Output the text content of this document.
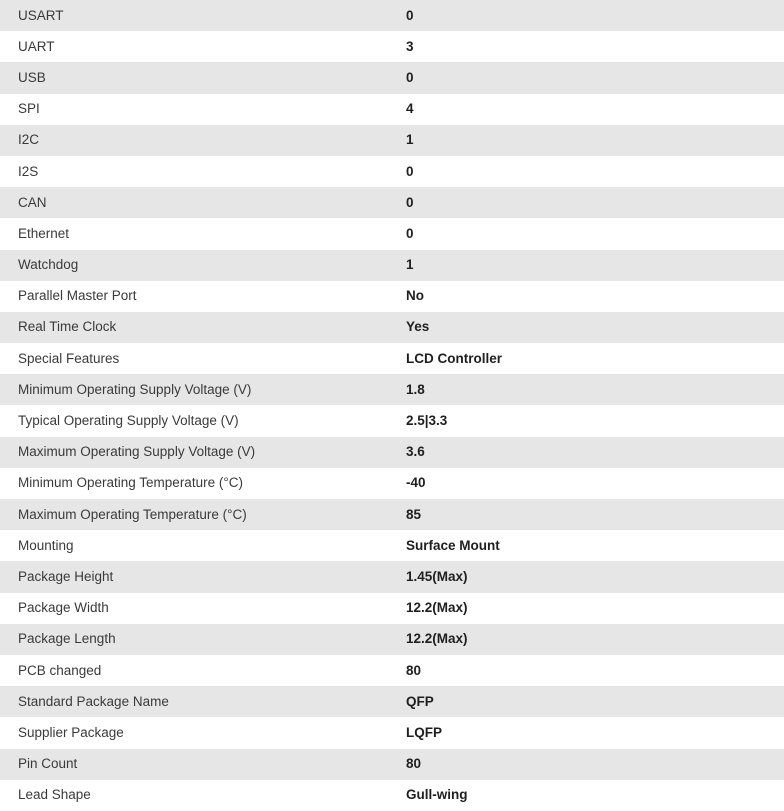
USART	0
UART	3
USB	0
SPI	4
I2C	1
I2S	0
CAN	0
Ethernet	0
Watchdog	1
Parallel Master Port	No
Real Time Clock	Yes
Special Features	LCD Controller
Minimum Operating Supply Voltage (V)	1.8
Typical Operating Supply Voltage (V)	2.5|3.3
Maximum Operating Supply Voltage (V)	3.6
Minimum Operating Temperature (°C)	-40
Maximum Operating Temperature (°C)	85
Mounting	Surface Mount
Package Height	1.45(Max)
Package Width	12.2(Max)
Package Length	12.2(Max)
PCB changed	80
Standard Package Name	QFP
Supplier Package	LQFP
Pin Count	80
Lead Shape	Gull-wing
